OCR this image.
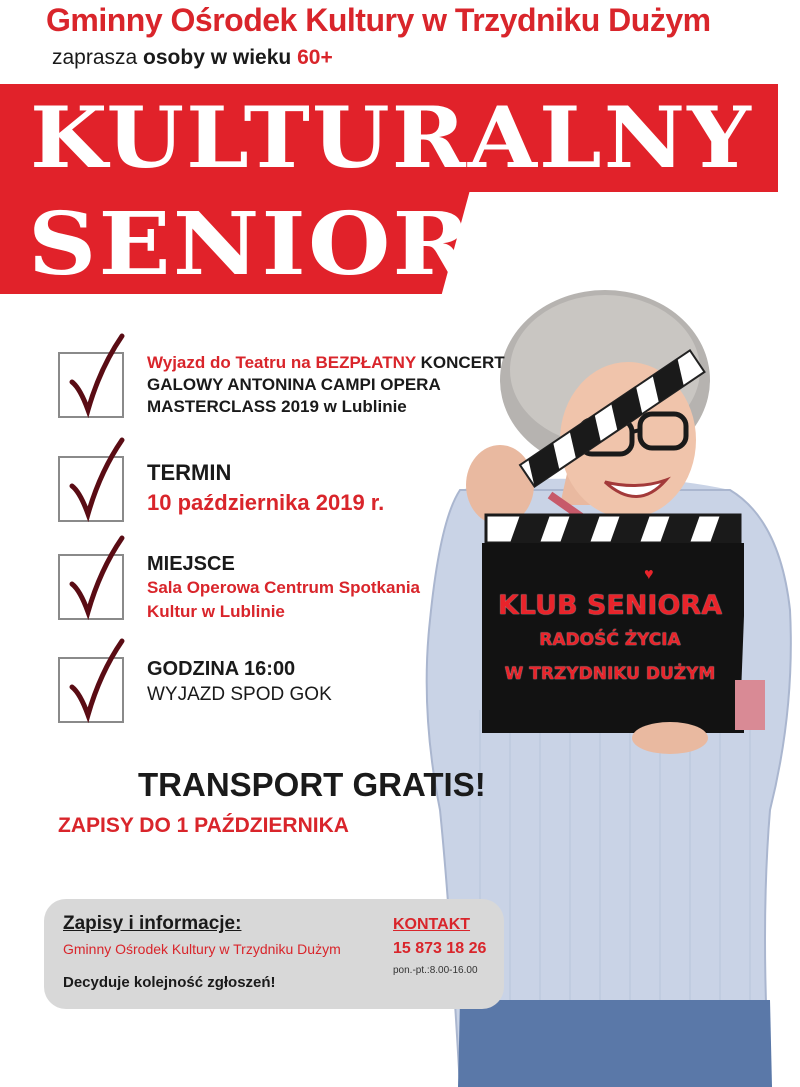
Gminny Ośrodek Kultury w Trzydniku Dużym
zaprasza osoby w wieku 60+
KULTURALNY
SENIOR
♥
KLUB SENIORA
RADOŚĆ ŻYCIA
W TRZYDNIKU DUŻYM
Wyjazd do Teatru na BEZPŁATNY KONCERT
GALOWY ANTONINA CAMPI OPERA
MASTERCLASS 2019 w Lublinie
TERMIN
10 października 2019 r.
MIEJSCE
Sala Operowa Centrum Spotkania
Kultur w Lublinie
GODZINA 16:00
WYJAZD SPOD GOK
TRANSPORT GRATIS!
ZAPISY DO 1 PAŹDZIERNIKA
Zapisy i informacje:
Gminny Ośrodek Kultury w Trzydniku Dużym
Decyduje kolejność zgłoszeń!
KONTAKT
15 873 18 26
pon.-pt.:8.00-16.00
